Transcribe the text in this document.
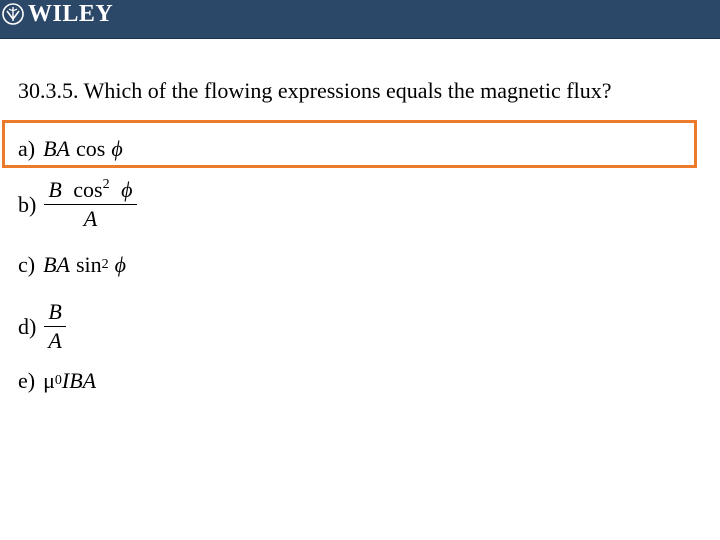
WILEY
30.3.5. Which of the flowing expressions equals the magnetic flux?
a) BA cos ϕ
$b) \frac{B \cos^2 \phi}{A}$
c) BA sin 2 ϕ
$d) \frac{B}{A}$
e) μ 0 IBA
